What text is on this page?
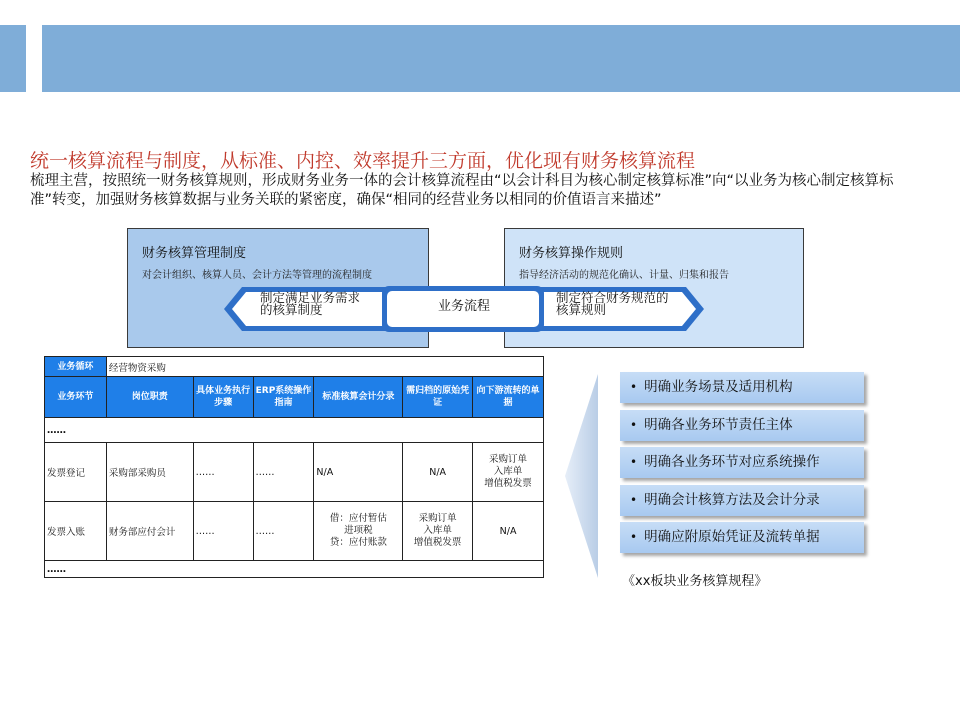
统一核算流程与制度，从标准、内控、效率提升三方面，优化现有财务核算流程
梳理主营，按照统一财务核算规则，形成财务业务一体的会计核算流程由“以会计科目为核心制定核算标准”向“以业务为核心制定核算标准”转变，加强财务核算数据与业务关联的紧密度，确保“相同的经营业务以相同的价值语言来描述”
财务核算管理制度
对会计组织、核算人员、会计方法等管理的流程制度
财务核算操作规则
指导经济活动的规范化确认、计量、归集和报告
制定满足业务需求
的核算制度	业务流程
制定符合财务规范的
核算规则
业务循环	经营物资采购					
业务环节	岗位职责	具体业务执行步骤	ERP系统操作指南	标准核算会计分录	需归档的原始凭证	向下游流转的单据
……						
发票登记	采购部采购员	……	……	N/A	N/A	采购订单
入库单
增值税发票
发票入账	财务部应付会计	……	……	借：应付暂估
进项税
贷：应付账款	采购订单
入库单
增值税发票	N/A
……						
• 明确业务场景及适用机构
• 明确各业务环节责任主体
• 明确各业务环节对应系统操作
• 明确会计核算方法及会计分录
• 明确应附原始凭证及流转单据
《xx板块业务核算规程》
